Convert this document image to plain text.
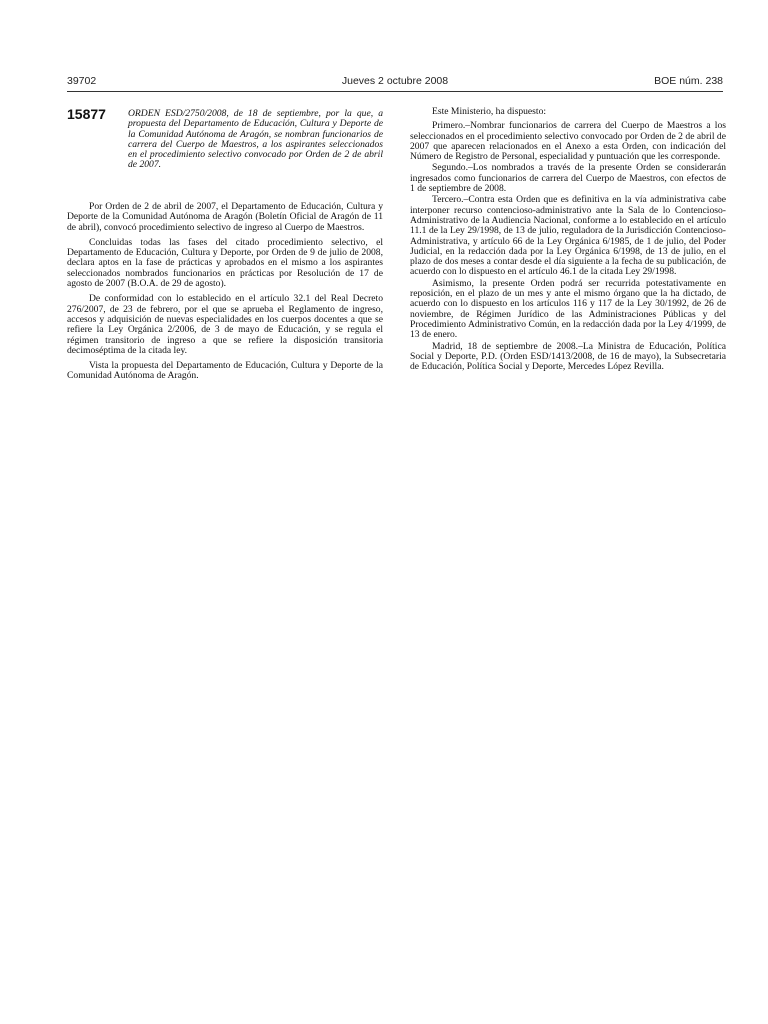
39702	Jueves 2 octubre 2008	BOE núm. 238
15877 ORDEN ESD/2750/2008, de 18 de septiembre, por la que, a propuesta del Departamento de Educación, Cultura y Deporte de la Comunidad Autónoma de Aragón, se nombran funcionarios de carrera del Cuerpo de Maestros, a los aspirantes seleccionados en el procedimiento selectivo convocado por Orden de 2 de abril de 2007.

Por Orden de 2 de abril de 2007, el Departamento de Educación, Cultura y Deporte de la Comunidad Autónoma de Aragón (Boletín Oficial de Aragón de 11 de abril), convocó procedimiento selectivo de ingreso al Cuerpo de Maestros.

Concluidas todas las fases del citado procedimiento selectivo, el Departamento de Educación, Cultura y Deporte, por Orden de 9 de julio de 2008, declara aptos en la fase de prácticas y aprobados en el mismo a los aspirantes seleccionados nombrados funcionarios en prácticas por Resolución de 17 de agosto de 2007 (B.O.A. de 29 de agosto).

De conformidad con lo establecido en el artículo 32.1 del Real Decreto 276/2007, de 23 de febrero, por el que se aprueba el Reglamento de ingreso, accesos y adquisición de nuevas especialidades en los cuerpos docentes a que se refiere la Ley Orgánica 2/2006, de 3 de mayo de Educación, y se regula el régimen transitorio de ingreso a que se refiere la disposición transitoria decimoséptima de la citada ley.

Vista la propuesta del Departamento de Educación, Cultura y Deporte de la Comunidad Autónoma de Aragón.

Este Ministerio, ha dispuesto:

Primero.–Nombrar funcionarios de carrera del Cuerpo de Maestros a los seleccionados en el procedimiento selectivo convocado por Orden de 2 de abril de 2007 que aparecen relacionados en el Anexo a esta Orden, con indicación del Número de Registro de Personal, especialidad y puntuación que les corresponde.

Segundo.–Los nombrados a través de la presente Orden se considerarán ingresados como funcionarios de carrera del Cuerpo de Maestros, con efectos de 1 de septiembre de 2008.

Tercero.–Contra esta Orden que es definitiva en la vía administrativa cabe interponer recurso contencioso-administrativo ante la Sala de lo Contencioso-Administrativo de la Audiencia Nacional, conforme a lo establecido en el artículo 11.1 de la Ley 29/1998, de 13 de julio, reguladora de la Jurisdicción Contencioso-Administrativa, y artículo 66 de la Ley Orgánica 6/1985, de 1 de julio, del Poder Judicial, en la redacción dada por la Ley Orgánica 6/1998, de 13 de julio, en el plazo de dos meses a contar desde el día siguiente a la fecha de su publicación, de acuerdo con lo dispuesto en el artículo 46.1 de la citada Ley 29/1998.

Asimismo, la presente Orden podrá ser recurrida potestativamente en reposición, en el plazo de un mes y ante el mismo órgano que la ha dictado, de acuerdo con lo dispuesto en los artículos 116 y 117 de la Ley 30/1992, de 26 de noviembre, de Régimen Jurídico de las Administraciones Públicas y del Procedimiento Administrativo Común, en la redacción dada por la Ley 4/1999, de 13 de enero.

Madrid, 18 de septiembre de 2008.–La Ministra de Educación, Política Social y Deporte, P.D. (Orden ESD/1413/2008, de 16 de mayo), la Subsecretaria de Educación, Política Social y Deporte, Mercedes López Revilla.
